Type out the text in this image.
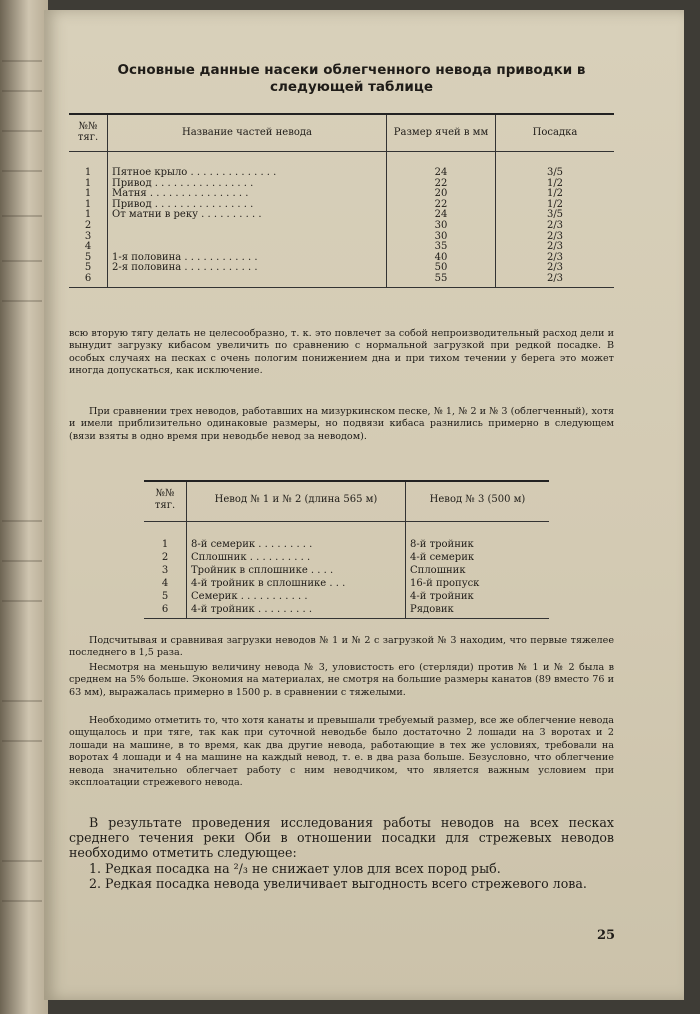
Основные данные насеки облегченного невода приводки в следующей таблице
№№ тяг.	Название частей невода	Размер ячей в мм	Посадка
1	Пятное крыло . . . . . . . . . . . . . .	24	3/5
1	Привод . . . . . . . . . . . . . . . .	22	1/2
1	Матня . . . . . . . . . . . . . . . .	20	1/2
1	Привод . . . . . . . . . . . . . . . .	22	1/2
1	От матни в реку . . . . . . . . . .	24	3/5
2		30	2/3
3		30	2/3
4		35	2/3
5	1-я половина . . . . . . . . . . . .	40	2/3
5	2-я половина . . . . . . . . . . . .	50	2/3
6		55	2/3

всю вторую тягу делать не целесообразно, т. к. это повлечет за собой непроизводительный расход дели и вынудит загрузку кибасом увеличить по сравнению с нормальной загрузкой при редкой посадке. В особых случаях на песках с очень пологим понижением дна и при тихом течении у берега это может иногда допускаться, как исключение.

При сравнении трех неводов, работавших на мизуркинском песке, № 1, № 2 и № 3 (облегченный), хотя и имели приблизительно одинаковые размеры, но подвязи кибаса разнились примерно в следующем (вязи взяты в одно время при неводьбе невод за неводом).

№№ тяг.	Невод № 1 и № 2 (длина 565 м)	Невод № 3 (500 м)
1	8-й семерик . . . . . . . . .	8-й тройник
2	Сплошник . . . . . . . . . .	4-й семерик
3	Тройник в сплошнике . . . .	Сплошник
4	4-й тройник в сплошнике . . .	16-й пропуск
5	Семерик . . . . . . . . . . .	4-й тройник
6	4-й тройник . . . . . . . . .	Рядовик

Подсчитывая и сравнивая загрузки неводов № 1 и № 2 с загрузкой № 3 находим, что первые тяжелее последнего в 1,5 раза.

Несмотря на меньшую величину невода № 3, уловистость его (стерляди) против № 1 и № 2 была в среднем на 5% больше. Экономия на материалах, не смотря на большие размеры канатов (89 вместо 76 и 63 мм), выражалась примерно в 1500 р. в сравнении с тяжелыми.

Необходимо отметить то, что хотя канаты и превышали требуемый размер, все же облегчение невода ощущалось и при тяге, так как при суточной неводьбе было достаточно 2 лошади на 3 воротах и 2 лошади на машине, в то время, как два другие невода, работающие в тех же условиях, требовали на воротах 4 лошади и 4 на машине на каждый невод, т. е. в два раза больше. Безусловно, что облегчение невода значительно облегчает работу с ним неводчиком, что является важным условием при эксплоатации стрежевого невода.

В результате проведения исследования работы неводов на всех песках среднего течения реки Оби в отношении посадки для стрежевых неводов необходимо отметить следующее:

1. Редкая посадка на ²/₃ не снижает улов для всех пород рыб.

2. Редкая посадка невода увеличивает выгодность всего стрежевого лова.

25
